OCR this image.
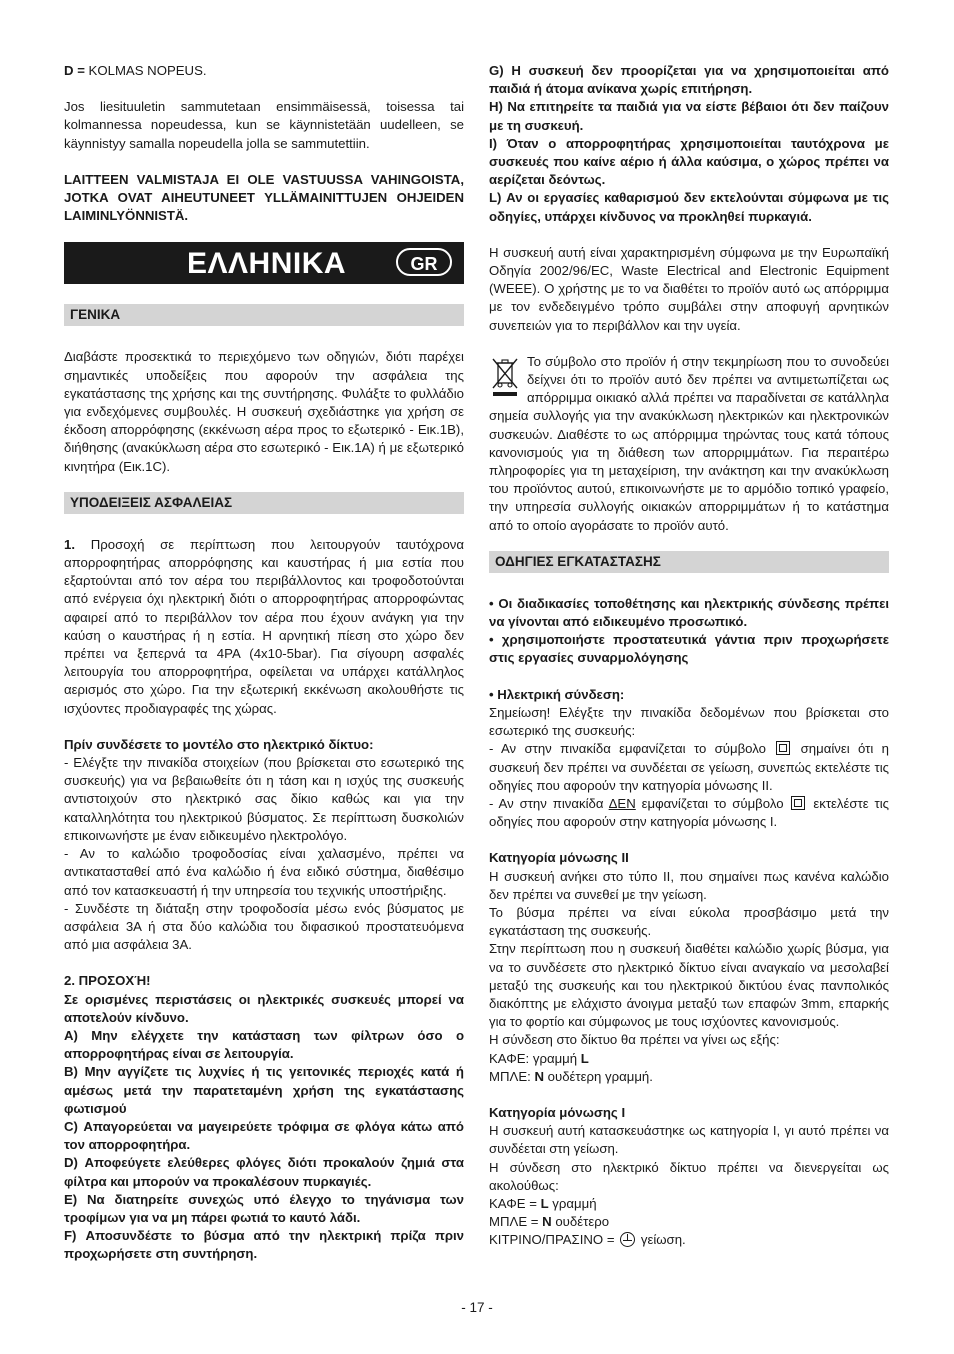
D = KOLMAS NOPEUS.

Jos liesituuletin sammutetaan ensimmäisessä, toisessa tai kolmannessa nopeudessa, kun se käynnistetään uudelleen, se käynnistyy samalla nopeudella jolla se sammutettiin.

LAITTEEN VALMISTAJA EI OLE VASTUUSSA VAHINGOISTA, JOTKA OVAT AIHEUTUNEET YLLÄMAINITTUJEN OHJEIDEN LAIMINLYÖNNISTÄ.

ΕΛΛΗΝΙΚΑ	GR
ΓΕΝΙΚΑ

Διαβάστε προσεκτικά το περιεχόμενο των οδηγιών, διότι παρέχει σημαντικές υποδείξεις που αφορούν την ασφάλεια της εγκατάστασης της χρήσης και της συντήρησης. Φυλάξτε το φυλλάδιο για ενδεχόμενες συμβουλές. Η συσκευή σχεδιάστηκε για χρήση σε έκδοση απορρόφησης (εκκένωση αέρα προς το εξωτερικό - Εικ.1B), διήθησης (ανακύκλωση αέρα στο εσωτερικό - Εικ.1A) ή με εξωτερικό κινητήρα (Εικ.1C).

ΥΠΟΔΕΙΞΕΙΣ ΑΣΦΑΛΕΙΑΣ

1. Προσοχή σε περίπτωση που λειτουργούν ταυτόχρονα απορροφητήρας απορρόφησης και καυστήρας ή μια εστία που εξαρτούνται από τον αέρα του περιβάλλοντος και τροφοδοτούνται από ενέργεια όχι ηλεκτρική διότι ο απορροφητήρας απορροφώντας αφαιρεί από το περιβάλλον τον αέρα που έχουν ανάγκη για την καύση ο καυστήρας ή η εστία. Η αρνητική πίεση στο χώρο δεν πρέπει να ξεπερνά τα 4PA (4x10-5bar). Για σίγουρη ασφαλές λειτουργία του απορροφητήρα, οφείλεται να υπάρχει κατάλληλος αερισμός στο χώρο. Για την εξωτερική εκκένωση ακολουθήστε τις ισχύοντες προδιαγραφές της χώρας.

Πρίν συνδέσετε το μοντέλο στο ηλεκτρικό δίκτυο:

- Ελέγξτε την πινακίδα στοιχείων (που βρίσκεται στο εσωτερικό της συσκευής) για να βεβαιωθείτε ότι η τάση και η ισχύς της συσκευής αντιστοιχούν στο ηλεκτρικό σας δίκιο καθώς και για την καταλληλότητα του ηλεκτρικού βύσματος. Σε περίπτωση δυσκολιών επικοινωνήστε με έναν ειδικευμένο ηλεκτρολόγο.

- Αν το καλώδιο τροφοδοσίας είναι χαλασμένο, πρέπει να αντικατασταθεί από ένα καλώδιο ή ένα ειδικό σύστημα, διαθέσιμο από τον κατασκευαστή ή την υπηρεσία του τεχνικής υποστήριξης.

- Συνδέστε τη διάταξη στην τροφοδοσία μέσω ενός βύσματος με ασφάλεια 3A ή στα δύο καλώδια του διφασικού προστατευόμενα από μια ασφάλεια 3A.

2. ΠΡΟΣΟΧΉ!

Σε ορισμένες περιστάσεις οι ηλεκτρικές συσκευές μπορεί να αποτελούν κίνδυνο.

A) Μην ελέγχετε την κατάσταση των φίλτρων όσο ο απορροφητήρας είναι σε λειτουργία.

B) Μην αγγίζετε τις λυχνίες ή τις γειτονικές περιοχές κατά ή αμέσως μετά την παρατεταμένη χρήση της εγκατάστασης φωτισμού

C) Απαγορεύεται να μαγειρεύετε τρόφιμα σε φλόγα κάτω από τον απορροφητήρα.

D) Αποφεύγετε ελεύθερες φλόγες διότι προκαλούν ζημιά στα φίλτρα και μπορούν να προκαλέσουν πυρκαγιές.

E) Να διατηρείτε συνεχώς υπό έλεγχο το τηγάνισμα των τροφίμων για να μη πάρει φωτιά το καυτό λάδι.

F) Αποσυνδέστε το βύσμα από την ηλεκτρική πρίζα πριν προχωρήσετε στη συντήρηση.

G) Η συσκευή δεν προορίζεται για να χρησιμοποιείται από παιδιά ή άτομα ανίκανα χωρίς επιτήρηση.

H) Να επιτηρείτε τα παιδιά για να είστε βέβαιοι ότι δεν παίζουν με τη συσκευή.

I) Όταν ο απορροφητήρας χρησιμοποιείται ταυτόχρονα με συσκευές που καίνε αέριο ή άλλα καύσιμα, ο χώρος πρέπει να αερίζεται δεόντως.

L) Αν οι εργασίες καθαρισμού δεν εκτελούνται σύμφωνα με τις οδηγίες, υπάρχει κίνδυνος να προκληθεί πυρκαγιά.

Η συσκευή αυτή είναι χαρακτηρισμένη σύμφωνα με την Ευρωπαϊκή Οδηγία 2002/96/EC, Waste Electrical and Electronic Equipment (WEEE). Ο χρήστης με το να διαθέτει το προϊόν αυτό ως απόρριμμα με τον ενδεδειγμένο τρόπο συμβάλει στην αποφυγή αρνητικών συνεπειών για το περιβάλλον και την υγεία.

Το σύμβολο στο προϊόν ή στην τεκμηρίωση που το συνοδεύει δείχνει ότι το προϊόν αυτό δεν πρέπει να αντιμετωπίζεται ως απόρριμμα οικιακό αλλά πρέπει να παραδίνεται σε κατάλληλα σημεία συλλογής για την ανακύκλωση ηλεκτρικών και ηλεκτρονικών συσκευών. Διαθέστε το ως απόρριμμα τηρώντας τους κατά τόπους κανονισμούς για τη διάθεση των απορριμμάτων. Για περαιτέρω πληροφορίες για τη μεταχείριση, την ανάκτηση και την ανακύκλωση του προϊόντος αυτού, επικοινωνήστε με το αρμόδιο τοπικό γραφείο, την υπηρεσία συλλογής οικιακών απορριμμάτων ή το κατάστημα από το οποίο αγοράσατε το προϊόν αυτό.

ΟΔΗΓΙΕΣ ΕΓΚΑΤΑΣΤΑΣΗΣ

• Οι διαδικασίες τοποθέτησης και ηλεκτρικής σύνδεσης πρέπει να γίνονται από ειδικευμένο προσωπικό.

• χρησιμοποιήστε προστατευτικά γάντια πριν προχωρήσετε στις εργασίες συναρμολόγησης

• Ηλεκτρική σύνδεση:

Σημείωση! Ελέγξτε την πινακίδα δεδομένων που βρίσκεται στο εσωτερικό της συσκευής:

- Αν στην πινακίδα εμφανίζεται το σύμβολο	σημαίνει ότι η συσκευή δεν πρέπει να συνδέεται σε γείωση, συνεπώς εκτελέστε τις οδηγίες που αφορούν την κατηγορία μόνωσης II.

- Αν στην πινακίδα ΔΕΝ εμφανίζεται το σύμβολο εκτελέστε τις οδηγίες που αφορούν στην κατηγορία μόνωσης I.

Κατηγορία μόνωσης II

Η συσκευή ανήκει στο τύπο II, που σημαίνει πως κανένα καλώδιο δεν πρέπει να συνεθεί με την γείωση.

Το βύσμα πρέπει να είναι εύκολα προσβάσιμο μετά την εγκατάσταση της συσκευής.

Στην περίπτωση που η συσκευή διαθέτει καλώδιο χωρίς βύσμα, για να το συνδέσετε στο ηλεκτρικό δίκτυο είναι αναγκαίο να μεσολαβεί μεταξύ της συσκευής και του ηλεκτρικού δικτύου ένας πανπολικός διακόπτης με ελάχιστο άνοιγμα μεταξύ των επαφών 3mm, επαρκής για το φορτίο και σύμφωνος με τους ισχύοντες κανονισμούς.

Η σύνδεση στο δίκτυο θα πρέπει να γίνει ως εξής:

ΚΑΦΕ: γραμμή L

ΜΠΛΕ: N ουδέτερη γραμμή.

Κατηγορία μόνωσης I

Η συσκευή αυτή κατασκευάστηκε ως κατηγορία I, γι αυτό πρέπει να συνδέεται στη γείωση.

Η σύνδεση στο ηλεκτρικό δίκτυο πρέπει να διενεργείται ως ακολούθως:

ΚΑΦΕ = L γραμμή

ΜΠΛΕ = N ουδέτερο

ΚΙΤΡΙΝΟ/ΠΡΑΣΙΝΟ =  γείωση.

- 17 -
